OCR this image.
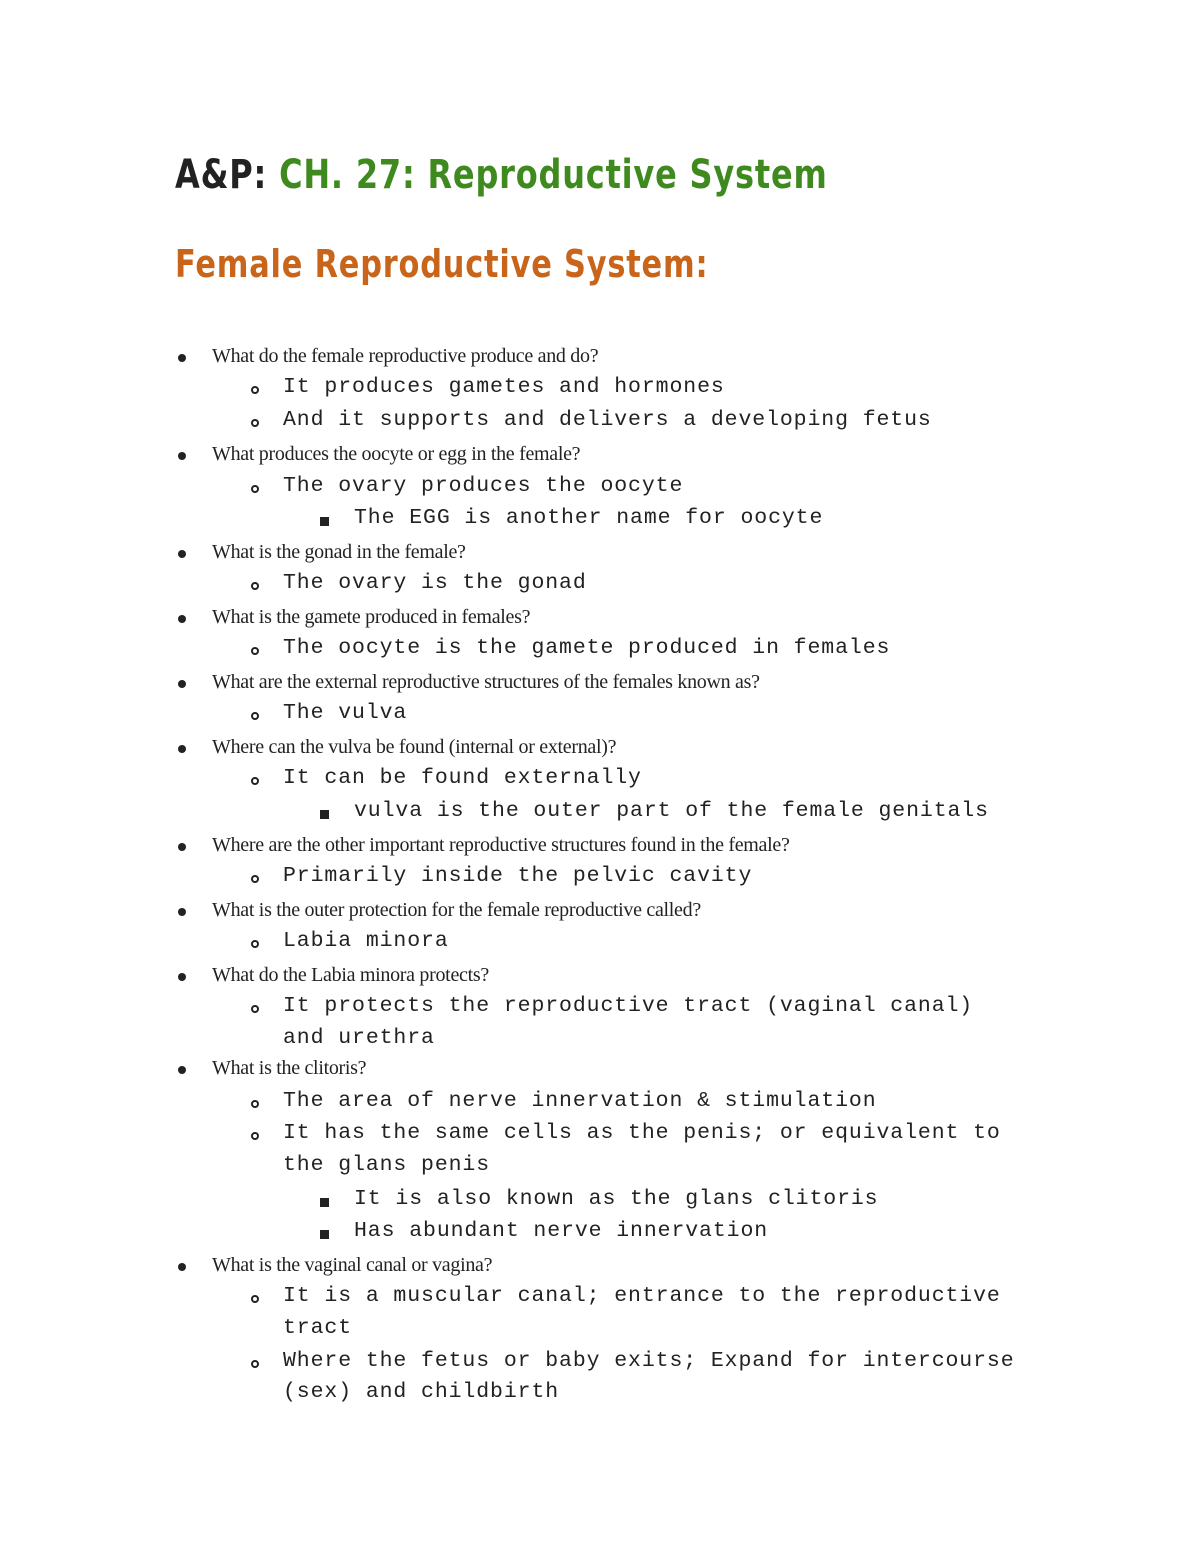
A&P: CH. 27: Reproductive System
Female Reproductive System:
What do the female reproductive produce and do?
It produces gametes and hormones
And it supports and delivers a developing fetus
What produces the oocyte or egg in the female?
The ovary produces the oocyte
The EGG is another name for oocyte
What is the gonad in the female?
The ovary is the gonad
What is the gamete produced in females?
The oocyte is the gamete produced in females
What are the external reproductive structures of the females known as?
The vulva
Where can the vulva be found (internal or external)?
It can be found externally
vulva is the outer part of the female genitals
Where are the other important reproductive structures found in the female?
Primarily inside the pelvic cavity
What is the outer protection for the female reproductive called?
Labia minora
What do the Labia minora protects?
It protects the reproductive tract (vaginal canal)
and urethra
What is the clitoris?
The area of nerve innervation & stimulation
It has the same cells as the penis; or equivalent to
the glans penis
It is also known as the glans clitoris
Has abundant nerve innervation
What is the vaginal canal or vagina?
It is a muscular canal; entrance to the reproductive
tract
Where the fetus or baby exits; Expand for intercourse
(sex) and childbirth
